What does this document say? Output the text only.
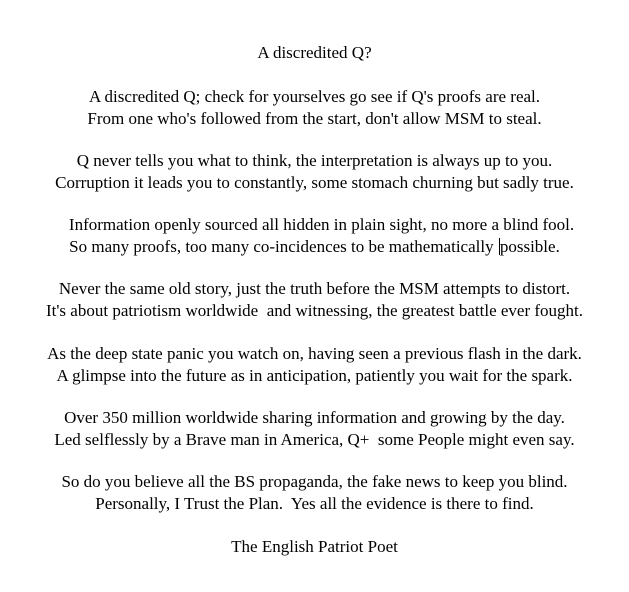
A discredited Q?
A discredited Q; check for yourselves go see if Q's proofs are real.
From one who's followed from the start, don't allow MSM to steal.
Q never tells you what to think, the interpretation is always up to you.
Corruption it leads you to constantly, some stomach churning but sadly true.
Information openly sourced all hidden in plain sight, no more a blind fool.
So many proofs, too many co-incidences to be mathematically possible.
Never the same old story, just the truth before the MSM attempts to distort.
It's about patriotism worldwide  and witnessing, the greatest battle ever fought.
As the deep state panic you watch on, having seen a previous flash in the dark.
A glimpse into the future as in anticipation, patiently you wait for the spark.
Over 350 million worldwide sharing information and growing by the day.
Led selflessly by a Brave man in America, Q+  some People might even say.
So do you believe all the BS propaganda, the fake news to keep you blind.
Personally, I Trust the Plan.  Yes all the evidence is there to find.
The English Patriot Poet
